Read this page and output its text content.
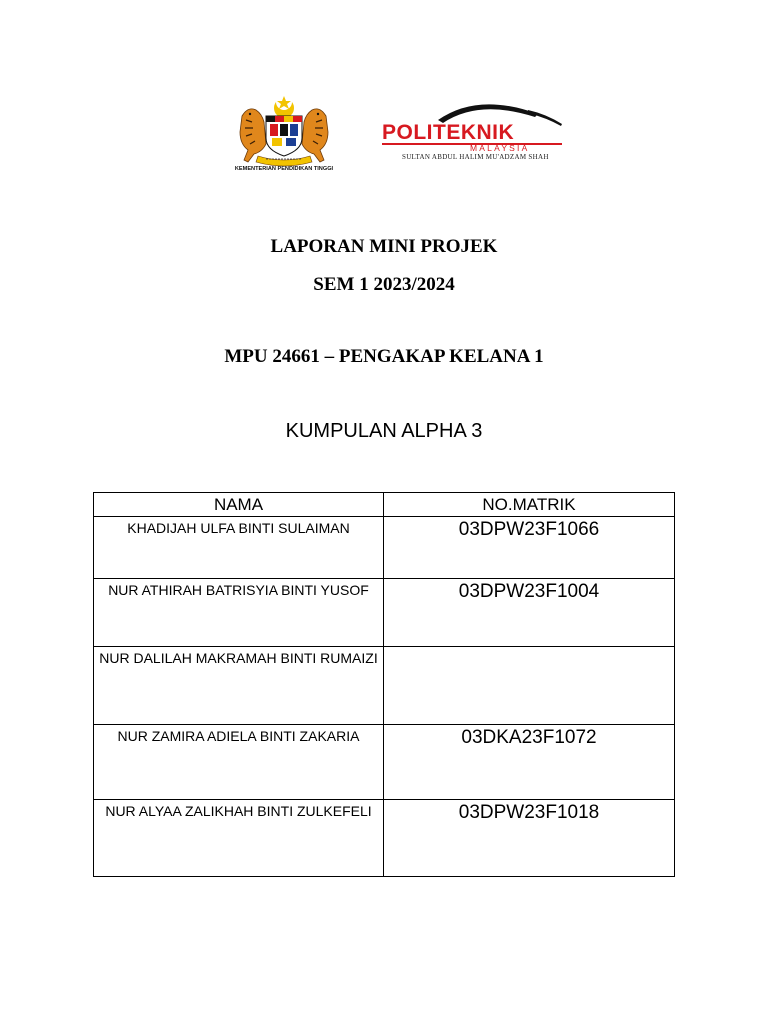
KEMENTERIAN PENDIDIKAN TINGGI
POLITEKNIK
MALAYSIA
SULTAN ABDUL HALIM MU'ADZAM SHAH
LAPORAN MINI PROJEK
SEM 1 2023/2024
MPU 24661 – PENGAKAP KELANA 1
KUMPULAN ALPHA 3
NAMA	NO.MATRIK
KHADIJAH ULFA BINTI SULAIMAN	03DPW23F1066
NUR ATHIRAH BATRISYIA BINTI YUSOF	03DPW23F1004
NUR DALILAH MAKRAMAH BINTI RUMAIZI	
NUR ZAMIRA ADIELA BINTI ZAKARIA	03DKA23F1072
NUR ALYAA ZALIKHAH BINTI ZULKEFELI	03DPW23F1018
